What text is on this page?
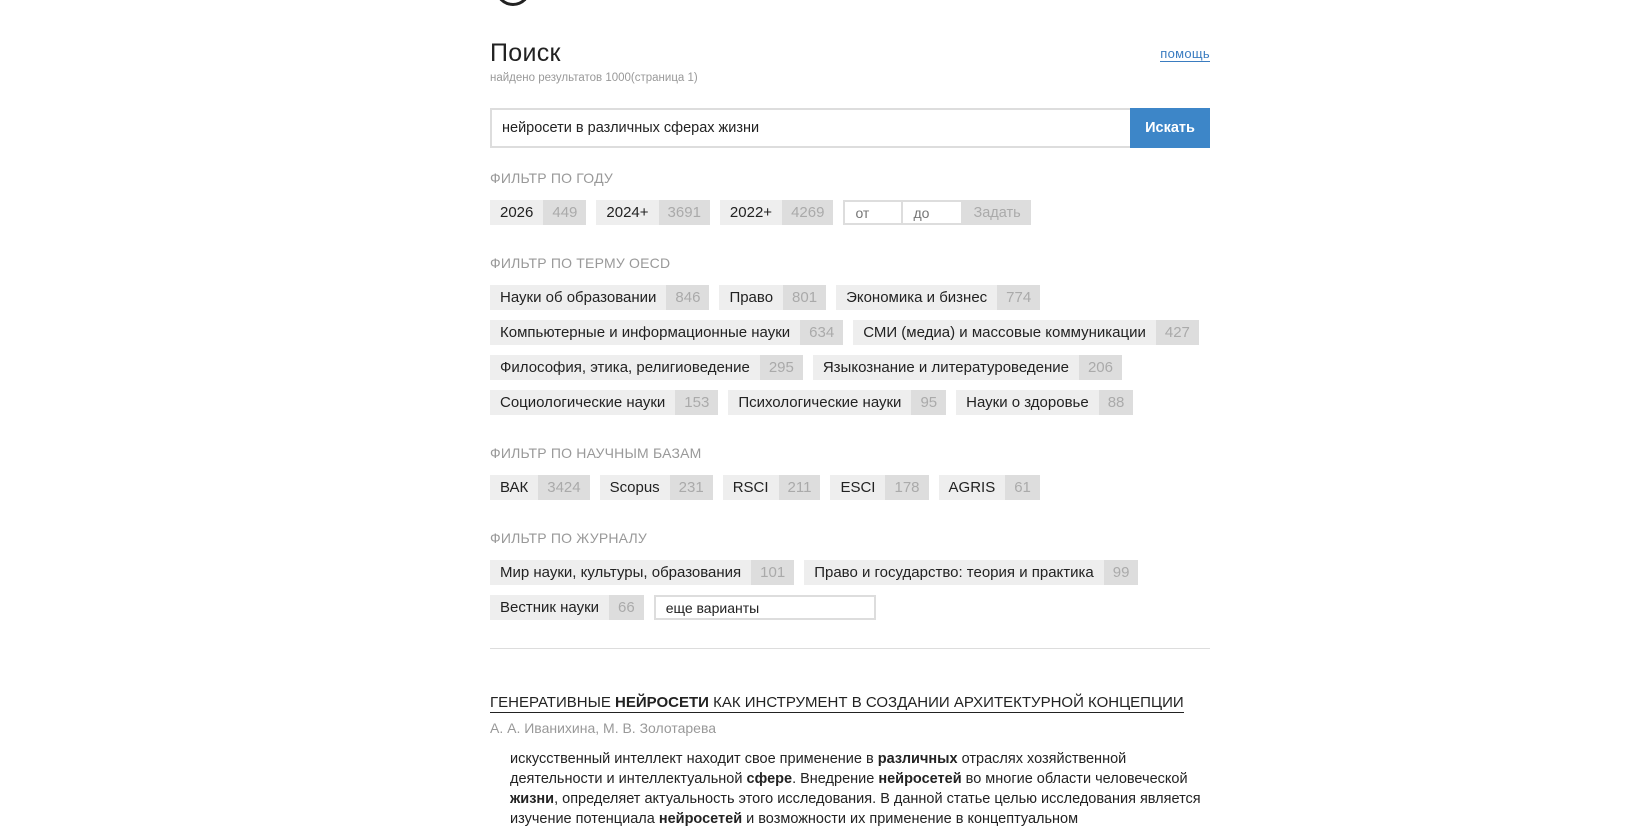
Поиск
найдено результатов 1000(страница 1)
помощь
нейросети в различных сферах жизни
Искать
ФИЛЬТР ПО ГОДУ
2026	449	2024+	3691	2022+	4269
от
до	Задать
ФИЛЬТР ПО ТЕРМУ OECD
Науки об образовании	846	Право	801	Экономика и бизнес	774
Компьютерные и информационные науки	634	СМИ (медиа) и массовые коммуникации	427
Философия, этика, религиоведение	295	Языкознание и литературоведение	206
Социологические науки	153	Психологические науки	95	Науки о здоровье	88
ФИЛЬТР ПО НАУЧНЫМ БАЗАМ
ВАК	3424	Scopus	231	RSCI	211	ESCI	178	AGRIS	61
ФИЛЬТР ПО ЖУРНАЛУ
Мир науки, культуры, образования	101	Право и государство: теория и практика	99
Вестник науки	66
еще варианты
ГЕНЕРАТИВНЫЕ НЕЙРОСЕТИ КАК ИНСТРУМЕНТ В СОЗДАНИИ АРХИТЕКТУРНОЙ КОНЦЕПЦИИ
А. А. Иванихина, М. В. Золотарева
искусственный интеллект находит свое применение в различных отраслях хозяйственной деятельности и интеллектуальной сфере. Внедрение нейросетей во многие области человеческой жизни, определяет актуальность этого исследования. В данной статье целью исследования является изучение потенциала нейросетей и возможности их применение в концептуальном
